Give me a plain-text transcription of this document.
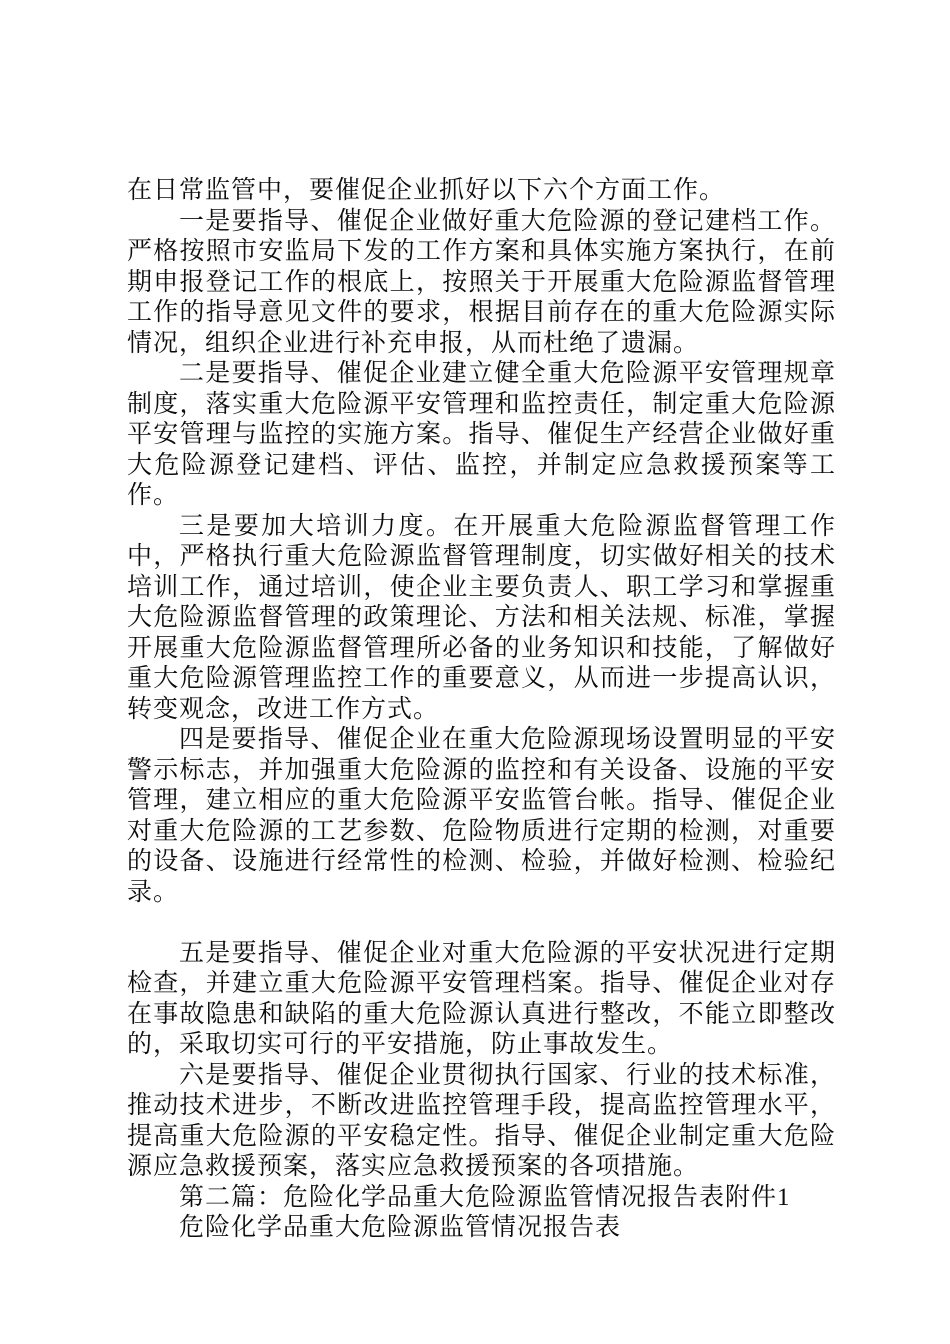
在日常监管中，要催促企业抓好以下六个方面工作。

一是要指导、催促企业做好重大危险源的登记建档工作。严格按照市安监局下发的工作方案和具体实施方案执行，在前期申报登记工作的根底上，按照关于开展重大危险源监督管理工作的指导意见文件的要求，根据目前存在的重大危险源实际情况，组织企业进行补充申报，从而杜绝了遗漏。

二是要指导、催促企业建立健全重大危险源平安管理规章制度，落实重大危险源平安管理和监控责任，制定重大危险源平安管理与监控的实施方案。指导、催促生产经营企业做好重大危险源登记建档、评估、监控，并制定应急救援预案等工作。

三是要加大培训力度。在开展重大危险源监督管理工作中，严格执行重大危险源监督管理制度，切实做好相关的技术培训工作，通过培训，使企业主要负责人、职工学习和掌握重大危险源监督管理的政策理论、方法和相关法规、标准，掌握开展重大危险源监督管理所必备的业务知识和技能，了解做好重大危险源管理监控工作的重要意义，从而进一步提高认识，转变观念，改进工作方式。

四是要指导、催促企业在重大危险源现场设置明显的平安警示标志，并加强重大危险源的监控和有关设备、设施的平安管理，建立相应的重大危险源平安监管台帐。指导、催促企业对重大危险源的工艺参数、危险物质进行定期的检测，对重要的设备、设施进行经常性的检测、检验，并做好检测、检验纪录。

五是要指导、催促企业对重大危险源的平安状况进行定期检查，并建立重大危险源平安管理档案。指导、催促企业对存在事故隐患和缺陷的重大危险源认真进行整改，不能立即整改的，采取切实可行的平安措施，防止事故发生。

六是要指导、催促企业贯彻执行国家、行业的技术标准，推动技术进步，不断改进监控管理手段，提高监控管理水平，提高重大危险源的平安稳定性。指导、催促企业制定重大危险源应急救援预案，落实应急救援预案的各项措施。

第二篇：危险化学品重大危险源监管情况报告表附件1

危险化学品重大危险源监管情况报告表
